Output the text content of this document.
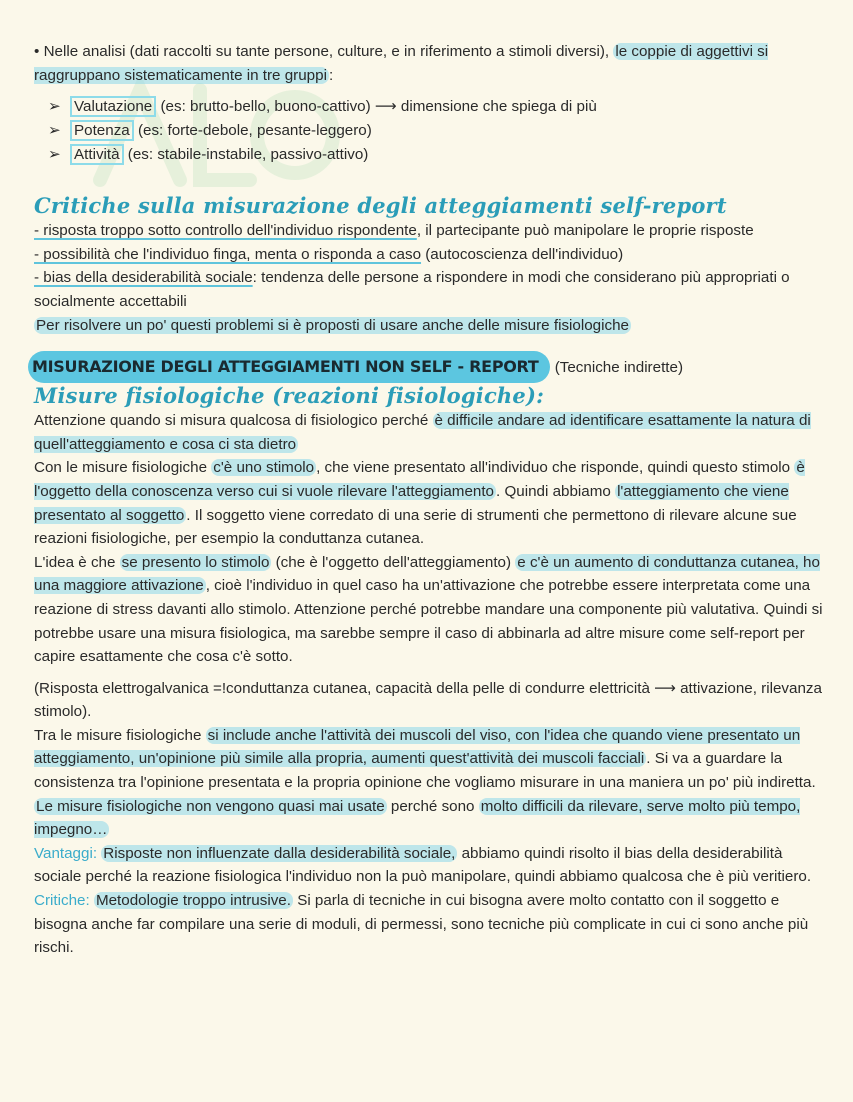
• Nelle analisi (dati raccolti su tante persone, culture, e in riferimento a stimoli diversi), le coppie di aggettivi si raggruppano sistematicamente in tre gruppi :

➢ Valutazione (es: brutto-bello, buono-cattivo) ⟶ dimensione che spiega di più
➢ Potenza (es: forte-debole, pesante-leggero)
➢ Attività (es: stabile-instabile, passivo-attivo)
Critiche sulla misurazione degli atteggiamenti self-report

- risposta troppo sotto controllo dell'individuo rispondente, il partecipante può manipolare le proprie risposte

- possibilità che l'individuo finga, menta o risponda a caso (autocoscienza dell'individuo)

- bias della desiderabilità sociale: tendenza delle persone a rispondere in modi che considerano più appropriati o socialmente accettabili

Per risolvere un po' questi problemi si è proposti di usare anche delle misure fisiologiche

MISURAZIONE DEGLI ATTEGGIAMENTI NON SELF - REPORT (Tecniche indirette)
Misure fisiologiche (reazioni fisiologiche):

Attenzione quando si misura qualcosa di fisiologico perché è difficile andare ad identificare esattamente la natura di quell'atteggiamento e cosa ci sta dietro

Con le misure fisiologiche c'è uno stimolo , che viene presentato all'individuo che risponde, quindi questo stimolo è l'oggetto della conoscenza verso cui si vuole rilevare l'atteggiamento . Quindi abbiamo l'atteggiamento che viene presentato al soggetto . Il soggetto viene corredato di una serie di strumenti che permettono di rilevare alcune sue reazioni fisiologiche, per esempio la conduttanza cutanea.

L'idea è che se presento lo stimolo (che è l'oggetto dell'atteggiamento) e c'è un aumento di conduttanza cutanea, ho una maggiore attivazione , cioè l'individuo in quel caso ha un'attivazione che potrebbe essere interpretata come una reazione di stress davanti allo stimolo. Attenzione perché potrebbe mandare una componente più valutativa. Quindi si potrebbe usare una misura fisiologica, ma sarebbe sempre il caso di abbinarla ad altre misure come self-report per capire esattamente che cosa c'è sotto.

(Risposta elettrogalvanica =!conduttanza cutanea, capacità della pelle di condurre elettricità ⟶ attivazione, rilevanza stimolo).

Tra le misure fisiologiche si include anche l'attività dei muscoli del viso, con l'idea che quando viene presentato un atteggiamento, un'opinione più simile alla propria, aumenti quest'attività dei muscoli facciali . Si va a guardare la consistenza tra l'opinione presentata e la propria opinione che vogliamo misurare in una maniera un po' più indiretta.

Le misure fisiologiche non vengono quasi mai usate perché sono molto difficili da rilevare, serve molto più tempo, impegno…

Vantaggi: Risposte non influenzate dalla desiderabilità sociale, abbiamo quindi risolto il bias della desiderabilità sociale perché la reazione fisiologica l'individuo non la può manipolare, quindi abbiamo qualcosa che è più veritiero.

Critiche: Metodologie troppo intrusive. Si parla di tecniche in cui bisogna avere molto contatto con il soggetto e bisogna anche far compilare una serie di moduli, di permessi, sono tecniche più complicate in cui ci sono anche più rischi.
